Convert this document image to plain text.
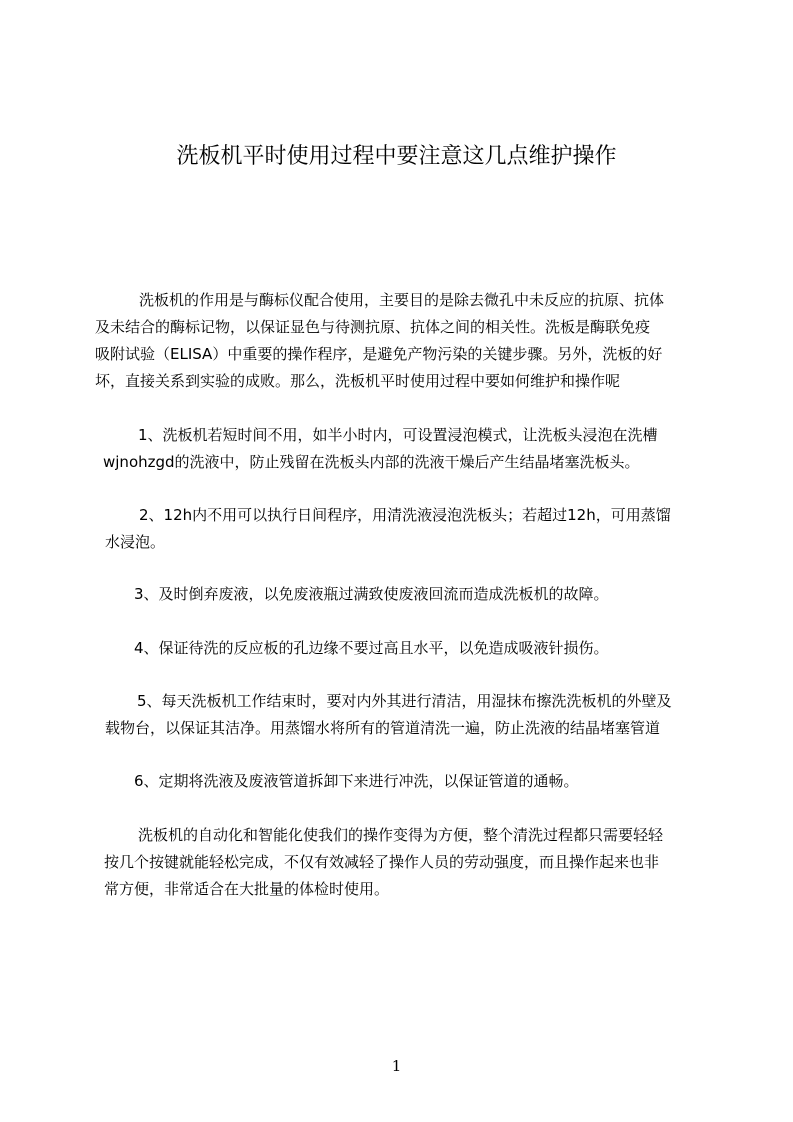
洗板机平时使用过程中要注意这几点维护操作
洗板机的作用是与酶标仪配合使用，主要目的是除去微孔中未反应的抗原、抗体
及未结合的酶标记物，以保证显色与待测抗原、抗体之间的相关性。洗板是酶联免疫
吸附试验（ELISA）中重要的操作程序，是避免产物污染的关键步骤。另外，洗板的好
坏，直接关系到实验的成败。那么，洗板机平时使用过程中要如何维护和操作呢
1、洗板机若短时间不用，如半小时内，可设置浸泡模式，让洗板头浸泡在洗槽
wjnohzgd的洗液中，防止残留在洗板头内部的洗液干燥后产生结晶堵塞洗板头。
2、12h内不用可以执行日间程序，用清洗液浸泡洗板头；若超过12h，可用蒸馏
水浸泡。
3、及时倒弃废液，以免废液瓶过满致使废液回流而造成洗板机的故障。
4、保证待洗的反应板的孔边缘不要过高且水平，以免造成吸液针损伤。
5、每天洗板机工作结束时，要对内外其进行清洁，用湿抹布擦洗洗板机的外壁及
载物台，以保证其洁净。用蒸馏水将所有的管道清洗一遍，防止洗液的结晶堵塞管道
6、定期将洗液及废液管道拆卸下来进行冲洗，以保证管道的通畅。
洗板机的自动化和智能化使我们的操作变得为方便，整个清洗过程都只需要轻轻
按几个按键就能轻松完成，不仅有效减轻了操作人员的劳动强度，而且操作起来也非
常方便，非常适合在大批量的体检时使用。
1
